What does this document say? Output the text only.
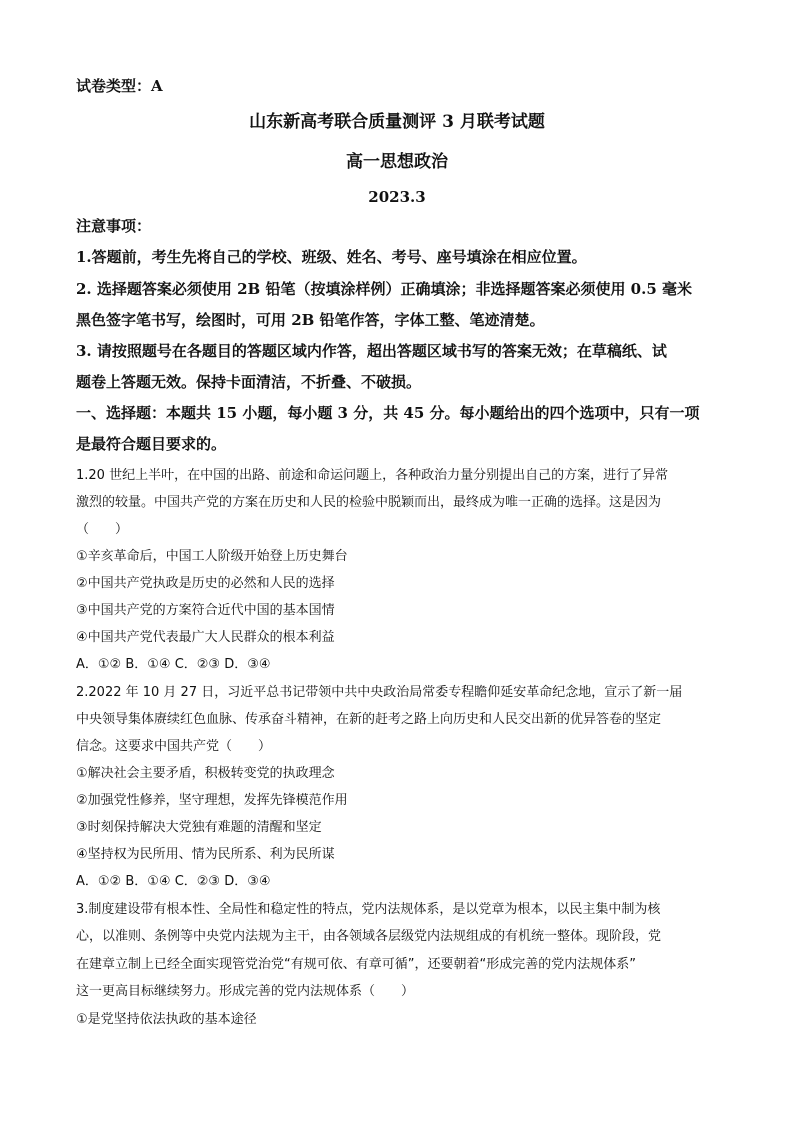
试卷类型：A
山东新高考联合质量测评 3 月联考试题
高一思想政治
2023.3
注意事项：
1.答题前，考生先将自己的学校、班级、姓名、考号、座号填涂在相应位置。
2. 选择题答案必须使用 2B 铅笔（按填涂样例）正确填涂；非选择题答案必须使用 0.5 毫米
黑色签字笔书写，绘图时，可用 2B 铅笔作答，字体工整、笔迹清楚。
3. 请按照题号在各题目的答题区域内作答，超出答题区域书写的答案无效；在草稿纸、试
题卷上答题无效。保持卡面清洁，不折叠、不破损。
一、选择题：本题共 15 小题，每小题 3 分，共 45 分。每小题给出的四个选项中，只有一项
是最符合题目要求的。
1.20 世纪上半叶，在中国的出路、前途和命运问题上，各种政治力量分别提出自己的方案，进行了异常
激烈的较量。中国共产党的方案在历史和人民的检验中脱颖而出，最终成为唯一正确的选择。这是因为
（　　）
①辛亥革命后，中国工人阶级开始登上历史舞台
②中国共产党执政是历史的必然和人民的选择
③中国共产党的方案符合近代中国的基本国情
④中国共产党代表最广大人民群众的根本利益
A．①② B．①④ C．②③ D．③④
2.2022 年 10 月 27 日，习近平总书记带领中共中央政治局常委专程瞻仰延安革命纪念地，宣示了新一届
中央领导集体赓续红色血脉、传承奋斗精神，在新的赶考之路上向历史和人民交出新的优异答卷的坚定
信念。这要求中国共产党（　　）
①解决社会主要矛盾，积极转变党的执政理念
②加强党性修养，坚守理想，发挥先锋模范作用
③时刻保持解决大党独有难题的清醒和坚定
④坚持权为民所用、情为民所系、利为民所谋
A．①② B．①④ C．②③ D．③④
3.制度建设带有根本性、全局性和稳定性的特点，党内法规体系，是以党章为根本，以民主集中制为核
心，以准则、条例等中央党内法规为主干，由各领域各层级党内法规组成的有机统一整体。现阶段，党
在建章立制上已经全面实现管党治党“有规可依、有章可循”，还要朝着“形成完善的党内法规体系”
这一更高目标继续努力。形成完善的党内法规体系（　　）
①是党坚持依法执政的基本途径
